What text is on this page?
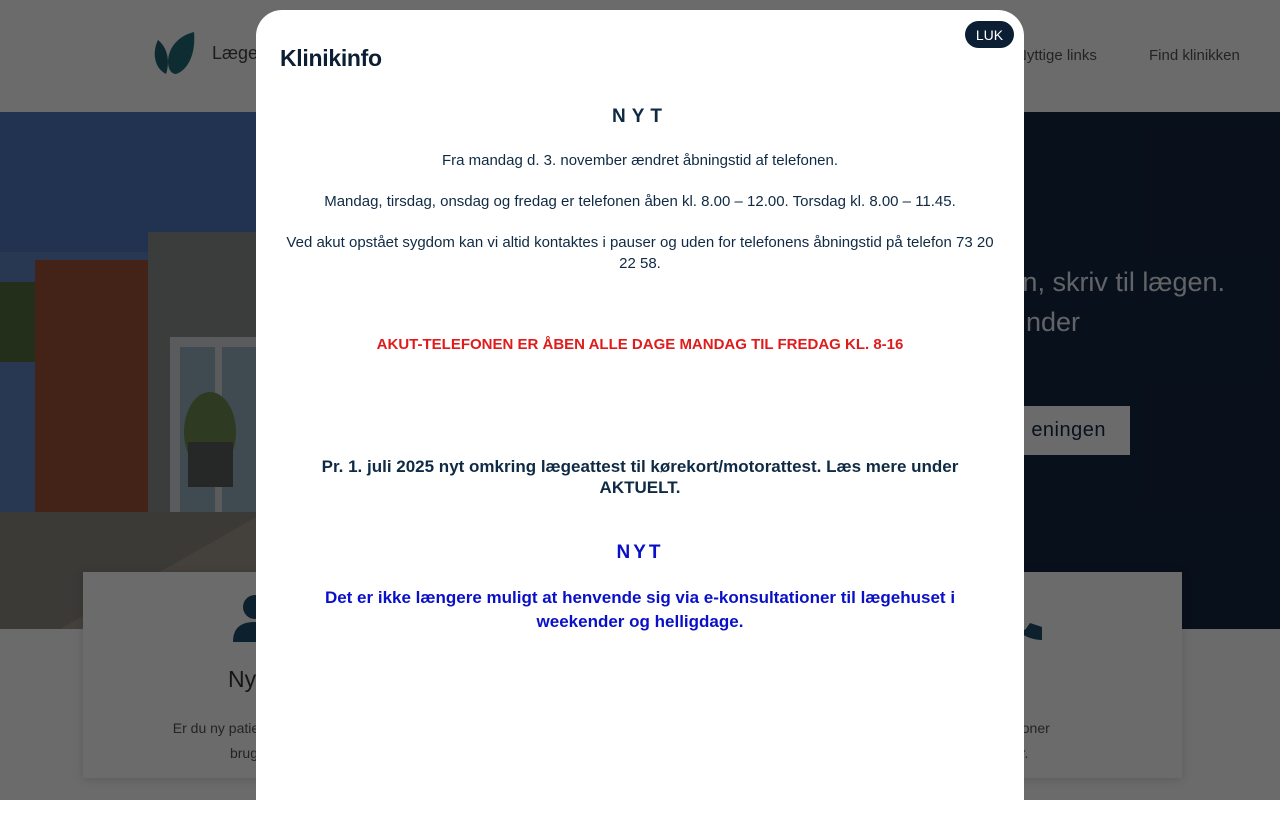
LUK
Klinikinfo

NYT

Fra mandag d. 3. november ændret åbningstid af telefonen.

Mandag, tirsdag, onsdag og fredag er telefonen åben kl. 8.00 – 12.00. Torsdag kl. 8.00 – 11.45.

Ved akut opstået sygdom kan vi altid kontaktes i pauser og uden for telefonens åbningstid på telefon 73 20 22 58.

AKUT-TELEFONEN ER ÅBEN ALLE DAGE MANDAG TIL FREDAG KL. 8-16

Pr. 1. juli 2025 nyt omkring lægeattest til kørekort/motorattest. Læs mere under AKTUELT.

NYT

Det er ikke længere muligt at henvende sig via e-konsultationer til lægehuset i weekender og helligdage.
